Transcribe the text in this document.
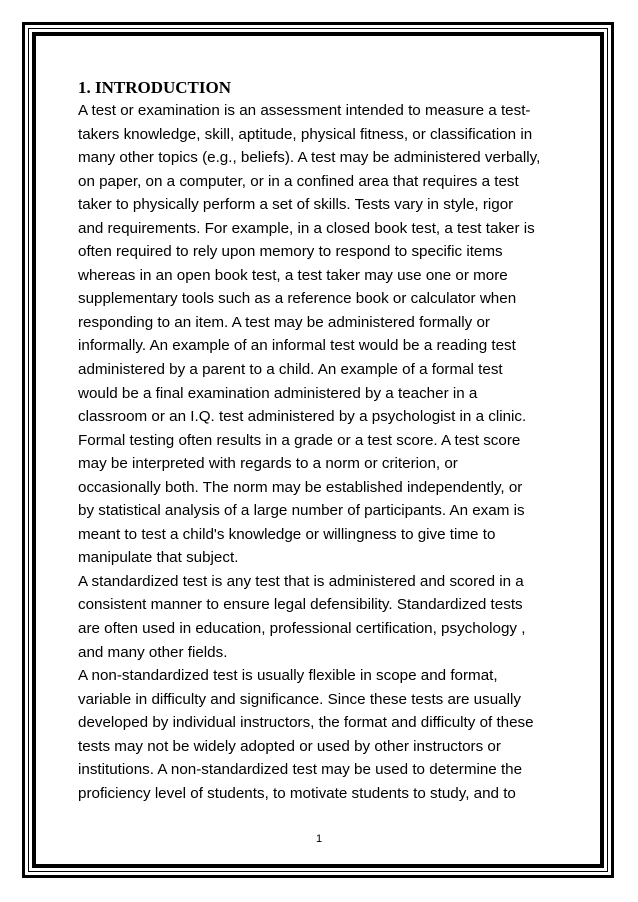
1. INTRODUCTION
A test or examination is an assessment intended to measure a test-
takers knowledge, skill, aptitude, physical fitness, or classification in
many other topics (e.g., beliefs). A test may be administered verbally,
on paper, on a computer, or in a confined area that requires a test
taker to physically perform a set of skills. Tests vary in style, rigor
and requirements. For example, in a closed book test, a test taker is
often required to rely upon memory to respond to specific items
whereas in an open book test, a test taker may use one or more
supplementary tools such as a reference book or calculator when
responding to an item. A test may be administered formally or
informally. An example of an informal test would be a reading test
administered by a parent to a child. An example of a formal test
would be a final examination administered by a teacher in a
classroom or an I.Q. test administered by a psychologist in a clinic.
Formal testing often results in a grade or a test score. A test score
may be interpreted with regards to a norm or criterion, or
occasionally both. The norm may be established independently, or
by statistical analysis of a large number of participants. An exam is
meant to test a child's knowledge or willingness to give time to
manipulate that subject.
A standardized test is any test that is administered and scored in a
consistent manner to ensure legal defensibility. Standardized tests
are often used in education, professional certification, psychology ,
and many other fields.
A non-standardized test is usually flexible in scope and format,
variable in difficulty and significance. Since these tests are usually
developed by individual instructors, the format and difficulty of these
tests may not be widely adopted or used by other instructors or
institutions. A non-standardized test may be used to determine the
proficiency level of students, to motivate students to study, and to
1
